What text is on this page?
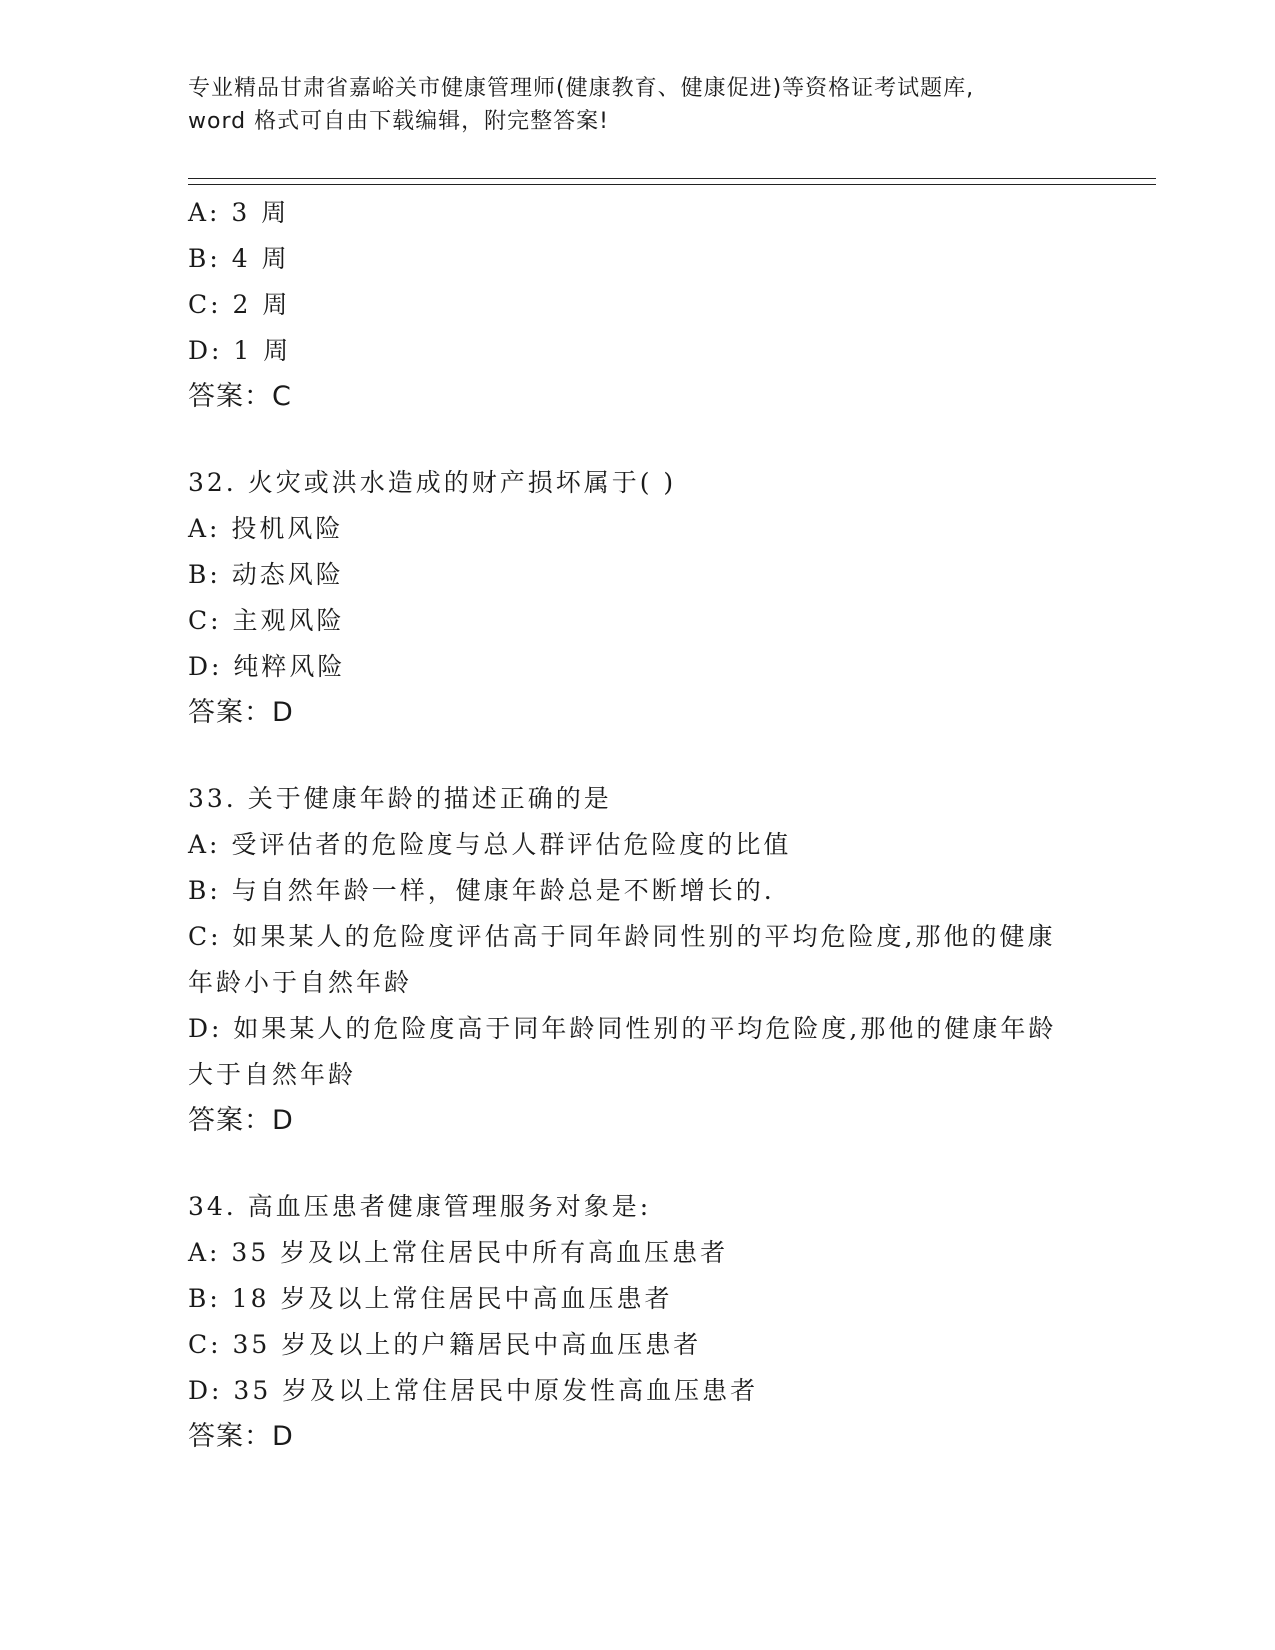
专业精品甘肃省嘉峪关市健康管理师(健康教育、健康促进)等资格证考试题库,
word 格式可自由下载编辑，附完整答案!
A: 3 周
B: 4 周
C: 2 周
D: 1 周
答案：C
32. 火灾或洪水造成的财产损坏属于( )
A: 投机风险
B: 动态风险
C: 主观风险
D: 纯粹风险
答案：D
33. 关于健康年龄的描述正确的是
A: 受评估者的危险度与总人群评估危险度的比值
B: 与自然年龄一样，健康年龄总是不断增长的.
C: 如果某人的危险度评估高于同年龄同性别的平均危险度,那他的健康年龄小于自然年龄
D: 如果某人的危险度高于同年龄同性别的平均危险度,那他的健康年龄大于自然年龄
答案：D
34. 高血压患者健康管理服务对象是:
A: 35 岁及以上常住居民中所有高血压患者
B: 18 岁及以上常住居民中高血压患者
C: 35 岁及以上的户籍居民中高血压患者
D: 35 岁及以上常住居民中原发性高血压患者
答案：D
